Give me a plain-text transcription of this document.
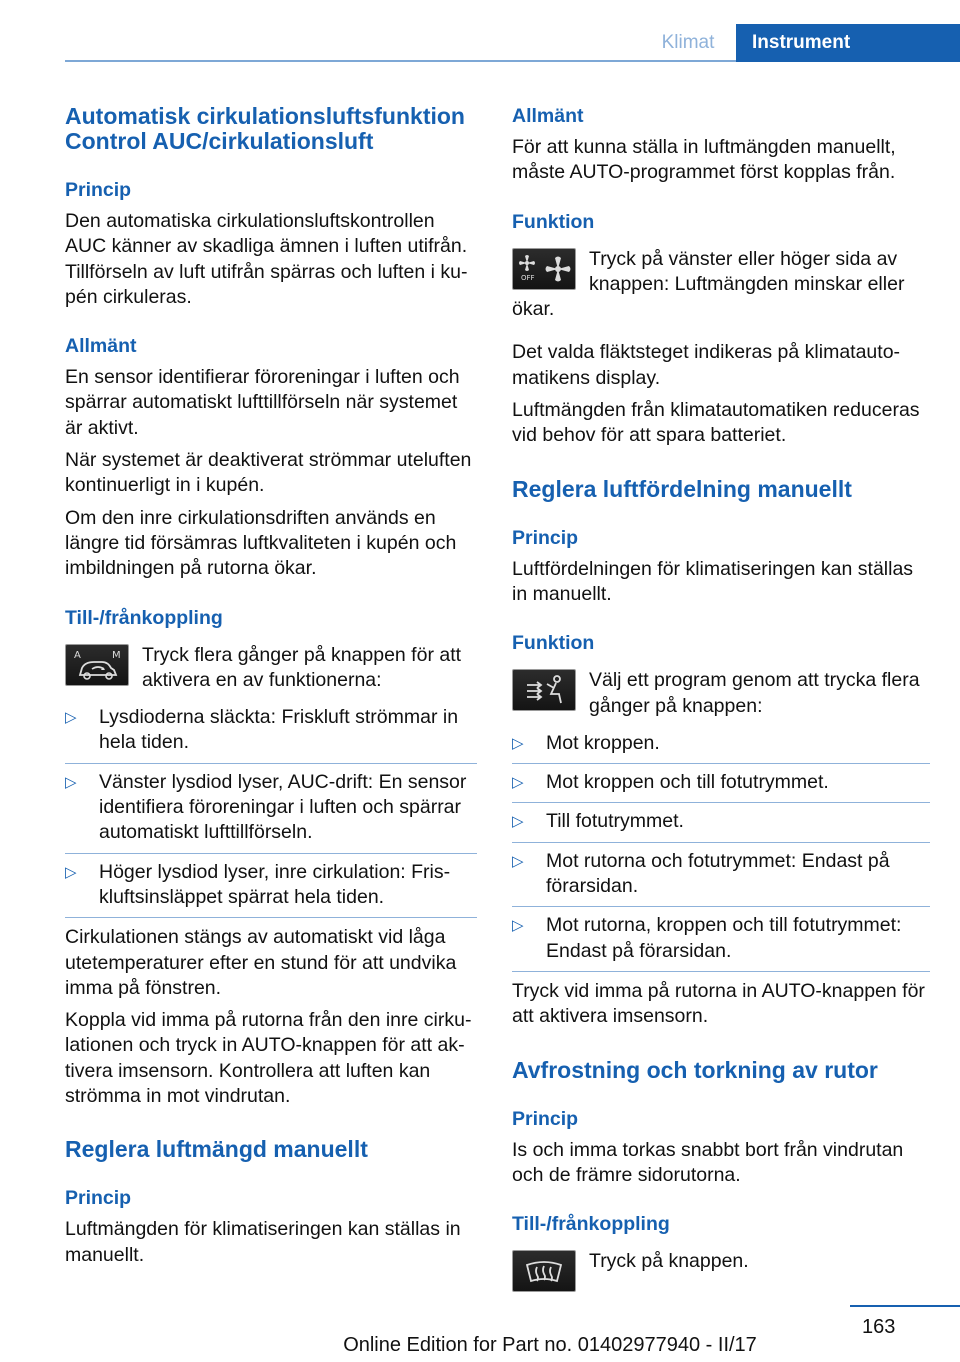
Klimat	Instrument
Automatisk cirkulationsluftsfunktion Control AUC/cirkulationsluft
Princip

Den automatiska cirkulationsluftskontrollen AUC känner av skadliga ämnen i luften utifrån. Tillförseln av luft utifrån spärras och luften i kupén cirkuleras.

Allmänt

En sensor identifierar föroreningar i luften och spärrar automatiskt lufttillförseln när systemet är aktivt.

När systemet är deaktiverat strömmar uteluften kontinuerligt in i kupén.

Om den inre cirkulationsdriften används en längre tid försämras luftkvaliteten i kupén och imbildningen på rutorna ökar.

Till-/frånkoppling
A	M	Tryck flera gånger på knappen för att aktivera en av funktionerna:

▷ Lysdioderna släckta: Friskluft strömmar in hela tiden.
▷ Vänster lysdiod lyser, AUC-drift: En sensor identifiera föroreningar i luften och spärrar automatiskt lufttillförseln.
▷ Höger lysdiod lyser, inre cirkulation: Friskluftsinsläppet spärrat hela tiden.

Cirkulationen stängs av automatiskt vid låga utetemperaturer efter en stund för att undvika imma på fönstren.

Koppla vid imma på rutorna från den inre cirkulationen och tryck in AUTO-knappen för att aktivera imsensorn. Kontrollera att luften kan strömma in mot vindrutan.

Reglera luftmängd manuellt
Princip

Luftmängden för klimatiseringen kan ställas in manuellt.

Allmänt

För att kunna ställa in luftmängden manuellt, måste AUTO-programmet först kopplas från.

Funktion
OFF

Tryck på vänster eller höger sida av knappen: Luftmängden minskar eller ökar.

Det valda fläktsteget indikeras på klimatautomatikens display.

Luftmängden från klimatautomatiken reduceras vid behov för att spara batteriet.

Reglera luftfördelning manuellt
Princip

Luftfördelningen för klimatiseringen kan ställas in manuellt.

Funktion

Välj ett program genom att trycka flera gånger på knappen:

▷ Mot kroppen.
▷ Mot kroppen och till fotutrymmet.
▷ Till fotutrymmet.
▷ Mot rutorna och fotutrymmet: Endast på förarsidan.
▷ Mot rutorna, kroppen och till fotutrymmet: Endast på förarsidan.

Tryck vid imma på rutorna in AUTO-knappen för att aktivera imsensorn.

Avfrostning och torkning av rutor
Princip

Is och imma torkas snabbt bort från vindrutan och de främre sidorutorna.

Till-/frånkoppling

Tryck på knappen.

163
Online Edition for Part no. 01402977940 - II/17
